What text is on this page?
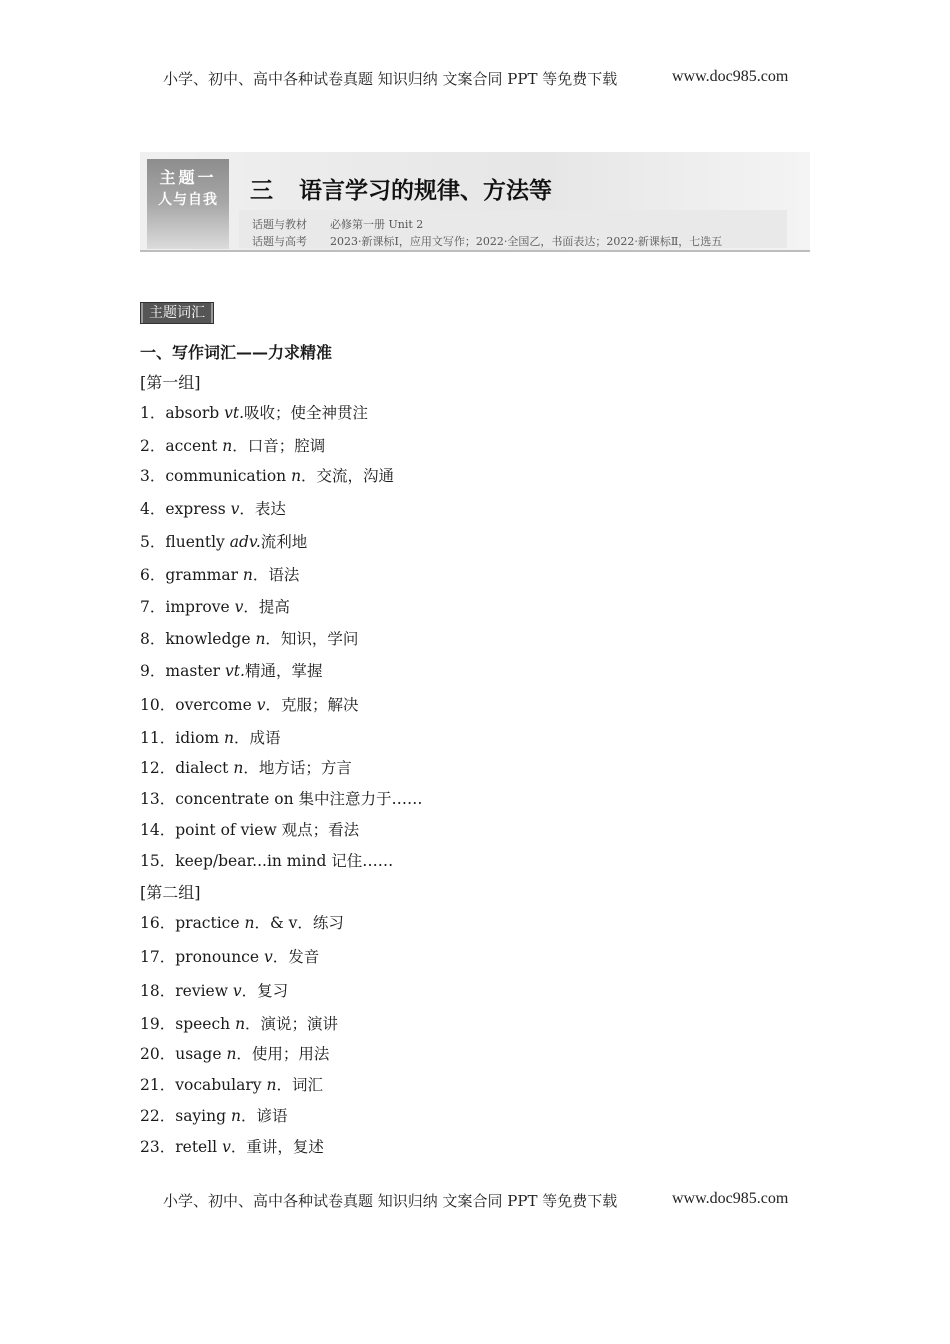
小学、初中、高中各种试卷真题 知识归纳 文案合同 PPT 等免费下载	www.doc985.com
主题一
人与自我	三 语言学习的规律、方法等
话题与教材 必修第一册 Unit 2
话题与高考 2023·新课标Ⅰ，应用文写作；2022·全国乙，书面表达；2022·新课标Ⅱ，七选五
主题词汇
一、写作词汇——力求精准
[第一组]
[第二组]
1．absorb vt.吸收；使全神贯注
2．accent n．口音；腔调
3．communication n．交流，沟通
4．express v．表达
5．fluently adv.流利地
6．grammar n．语法
7．improve v．提高
8．knowledge n．知识，学问
9．master vt.精通，掌握
10．overcome v．克服；解决
11．idiom n．成语
12．dialect n．地方话；方言
13．concentrate on 集中注意力于……
14．point of view 观点；看法
15．keep/bear...in mind 记住……
16．practice n．& v．练习
17．pronounce v．发音
18．review v．复习
19．speech n．演说；演讲
20．usage n．使用；用法
21．vocabulary n．词汇
22．saying n．谚语
23．retell v．重讲，复述
小学、初中、高中各种试卷真题 知识归纳 文案合同 PPT 等免费下载	www.doc985.com
